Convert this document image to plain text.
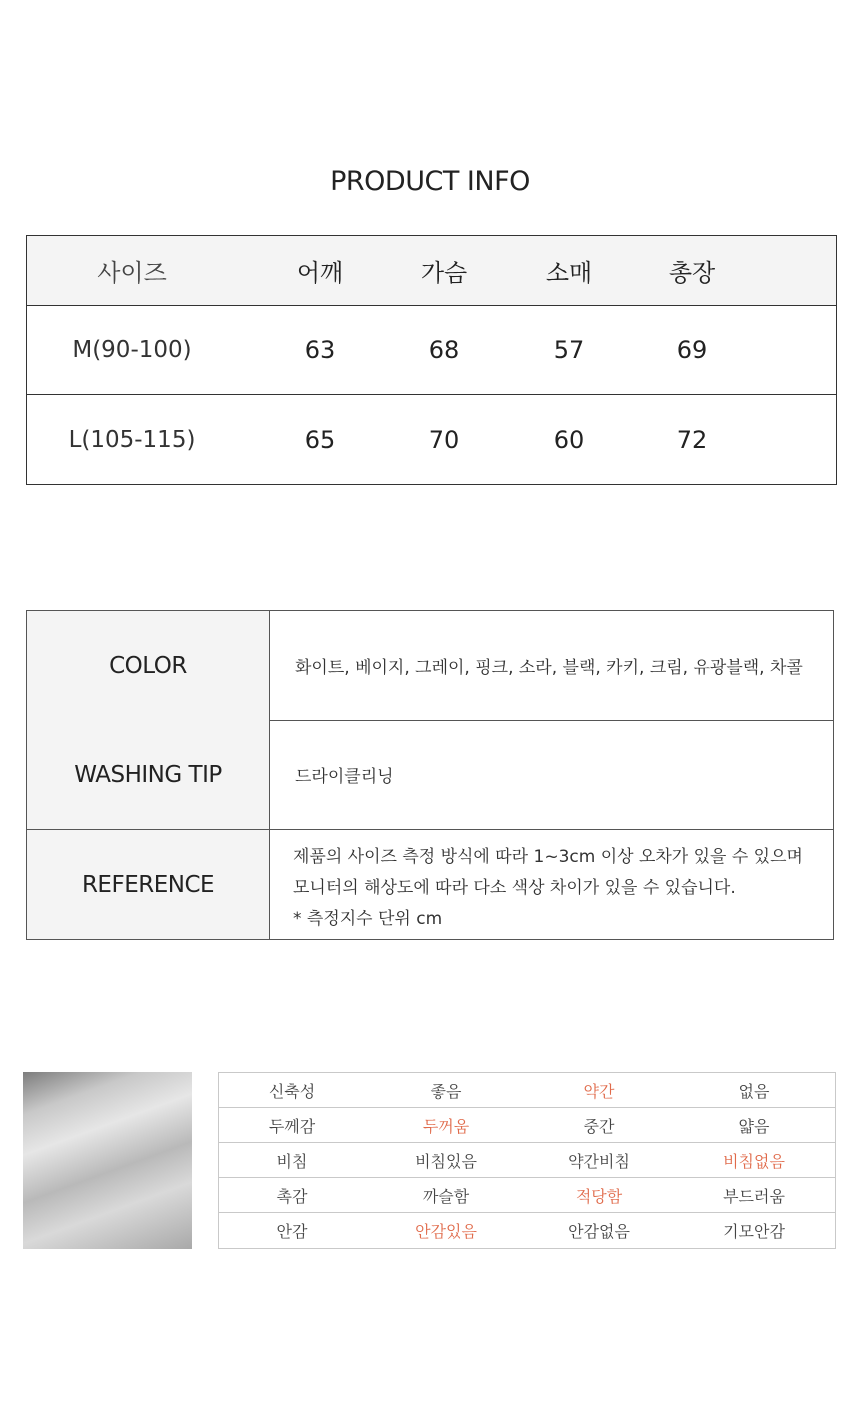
PRODUCT INFO
사이즈	어깨	가슴	소매	총장
M(90-100)	63	68	57	69
L(105-115)	65	70	60	72
COLOR	화이트, 베이지, 그레이, 핑크, 소라, 블랙, 카키, 크림, 유광블랙, 차콜
WASHING TIP	드라이클리닝
REFERENCE
제품의 사이즈 측정 방식에 따라 1~3cm 이상 오차가 있을 수 있으며
모니터의 해상도에 따라 다소 색상 차이가 있을 수 있습니다.
* 측정지수 단위 cm
신축성	좋음	약간	없음
두께감	두꺼움	중간	얇음
비침	비침있음	약간비침	비침없음
촉감	까슬함	적당함	부드러움
안감	안감있음	안감없음	기모안감
